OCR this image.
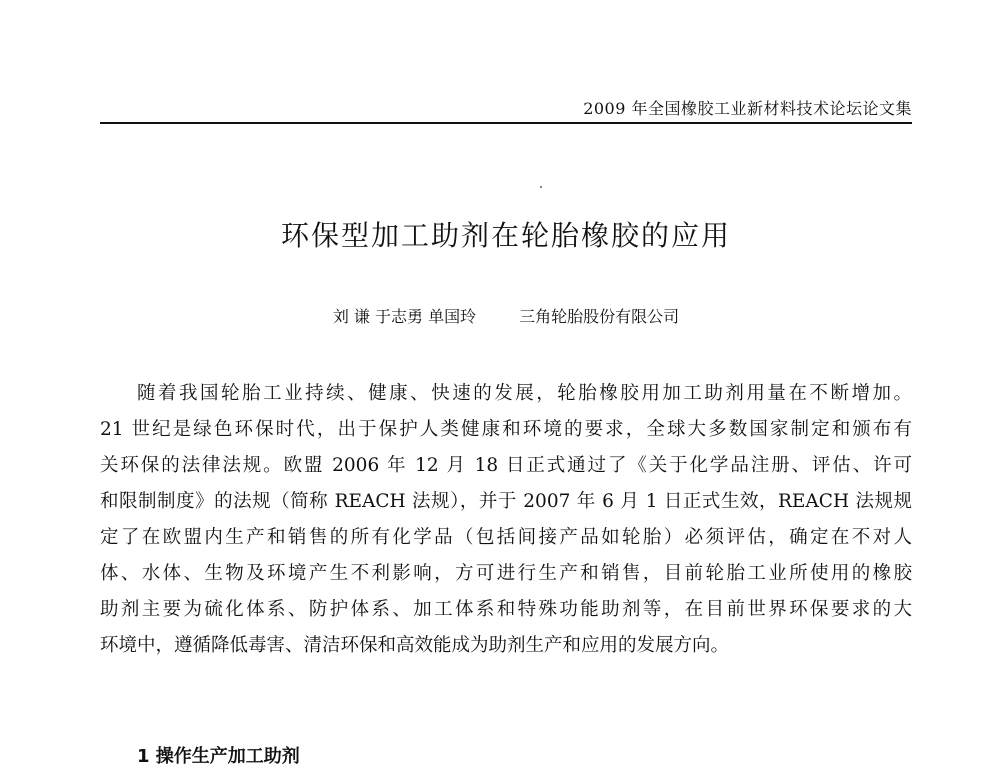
2009 年全国橡胶工业新材料技术论坛论文集
环保型加工助剂在轮胎橡胶的应用
刘 谦 于志勇 单国玲	三角轮胎股份有限公司
随着我国轮胎工业持续、健康、快速的发展，轮胎橡胶用加工助剂用量在不断增加。
21 世纪是绿色环保时代，出于保护人类健康和环境的要求，全球大多数国家制定和颁布有
关环保的法律法规。欧盟 2006 年 12 月 18 日正式通过了《关于化学品注册、评估、许可
和限制制度》的法规（简称 REACH 法规），并于 2007 年 6 月 1 日正式生效，REACH 法规规
定了在欧盟内生产和销售的所有化学品（包括间接产品如轮胎）必须评估，确定在不对人
体、水体、生物及环境产生不利影响，方可进行生产和销售，目前轮胎工业所使用的橡胶
助剂主要为硫化体系、防护体系、加工体系和特殊功能助剂等，在目前世界环保要求的大
环境中，遵循降低毒害、清洁环保和高效能成为助剂生产和应用的发展方向。
1 操作生产加工助剂
